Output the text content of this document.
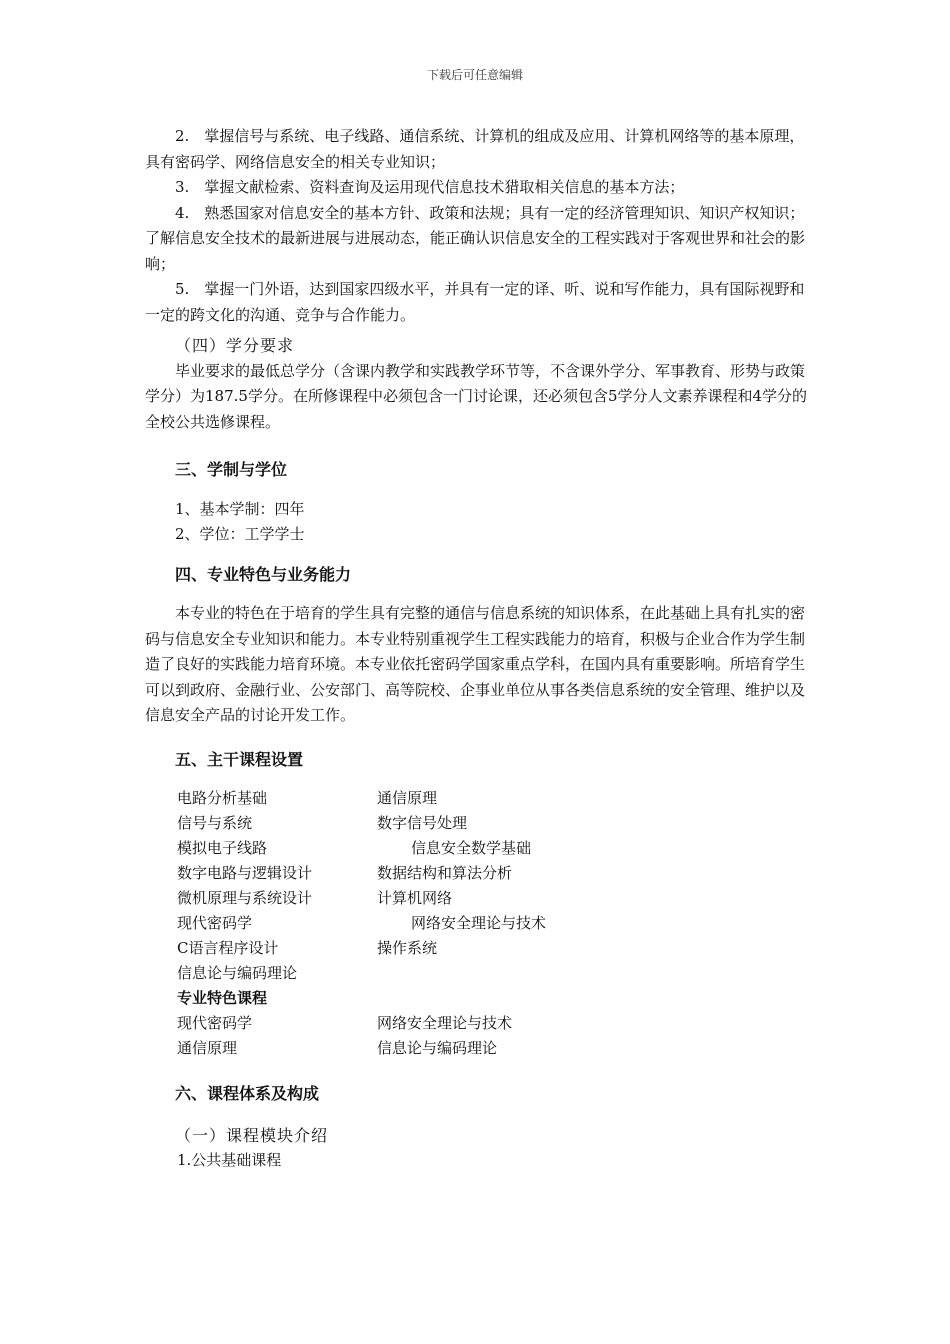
下载后可任意编辑

2.　掌握信号与系统、电子线路、通信系统、计算机的组成及应用、计算机网络等的基本原理，具有密码学、网络信息安全的相关专业知识；

3.　掌握文献检索、资料查询及运用现代信息技术猎取相关信息的基本方法；

4.　熟悉国家对信息安全的基本方针、政策和法规；具有一定的经济管理知识、知识产权知识；了解信息安全技术的最新进展与进展动态，能正确认识信息安全的工程实践对于客观世界和社会的影响；

5.　掌握一门外语，达到国家四级水平，并具有一定的译、听、说和写作能力，具有国际视野和一定的跨文化的沟通、竞争与合作能力。

（四）学分要求

毕业要求的最低总学分（含课内教学和实践教学环节等，不含课外学分、军事教育、形势与政策学分）为187.5学分。在所修课程中必须包含一门讨论课，还必须包含5学分人文素养课程和4学分的全校公共选修课程。

三、学制与学位

1、基本学制：四年

2、学位：工学学士

四、专业特色与业务能力

本专业的特色在于培育的学生具有完整的通信与信息系统的知识体系，在此基础上具有扎实的密码与信息安全专业知识和能力。本专业特别重视学生工程实践能力的培育，积极与企业合作为学生制造了良好的实践能力培育环境。本专业依托密码学国家重点学科，在国内具有重要影响。所培育学生可以到政府、金融行业、公安部门、高等院校、企事业单位从事各类信息系统的安全管理、维护以及信息安全产品的讨论开发工作。

五、主干课程设置

电路分析基础	通信原理
信号与系统	数字信号处理
模拟电子线路	信息安全数学基础
数字电路与逻辑设计	数据结构和算法分析
微机原理与系统设计	计算机网络
现代密码学	网络安全理论与技术
C语言程序设计	操作系统
信息论与编码理论
专业特色课程
现代密码学	网络安全理论与技术
通信原理	信息论与编码理论

六、课程体系及构成

（一）课程模块介绍

1.公共基础课程
